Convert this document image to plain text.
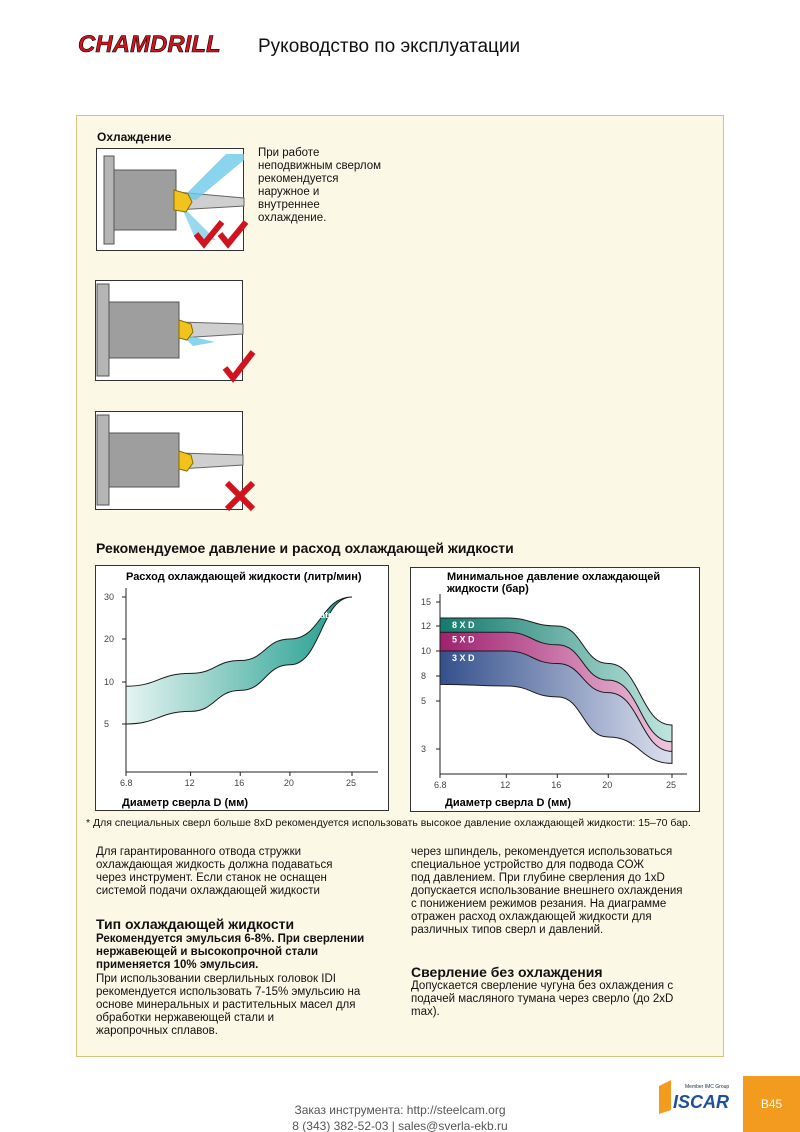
CHAMDRILL Руководство по эксплуатации
Охлаждение
При работе
неподвижным сверлом
рекомендуется
наружное и
внутреннее
охлаждение.
Рекомендуемое давление и расход охлаждающей жидкости
Расход охлаждающей жидкости (литр/мин)
6.8	12	16	20	25
5
10
20
30
flow rate
Диаметр сверла D (мм)
Минимальное давление охлаждающей
жидкости (бар)
8 X D
5 X D
3 X D
6.8	12	16	20	25
3
5
8
10
12
15
Диаметр сверла D (мм)
* Для специальных сверл больше 8xD рекомендуется использовать высокое давление охлаждающей жидкости: 15–70 бар.
Для гарантированного отвода стружки
охлаждающая жидкость должна подаваться
через инструмент. Если станок не оснащен
системой подачи охлаждающей жидкости
Тип охлаждающей жидкости
Рекомендуется эмульсия 6-8%. При сверлении
нержавеющей и высокопрочной стали
применяется 10% эмульсия.
При использовании сверлильных головок IDI
рекомендуется использовать 7-15% эмульсию на
основе минеральных и растительных масел для
обработки нержавеющей стали и
жаропрочных сплавов.
через шпиндель, рекомендуется использоваться
специальное устройство для подвода СОЖ
под давлением. При глубине сверления до 1xD
допускается использование внешнего охлаждения
с понижением режимов резания. На диаграмме
отражен расход охлаждающей жидкости для
различных типов сверл и давлений.
Сверление без охлаждения
Допускается сверление чугуна без охлаждения с
подачей масляного тумана через сверло (до 2xD
max).
Заказ инструмента: http://steelcam.org
8 (343) 382-52-03 | sales@sverla-ekb.ru
Member IMC Group
ISCAR	B45
